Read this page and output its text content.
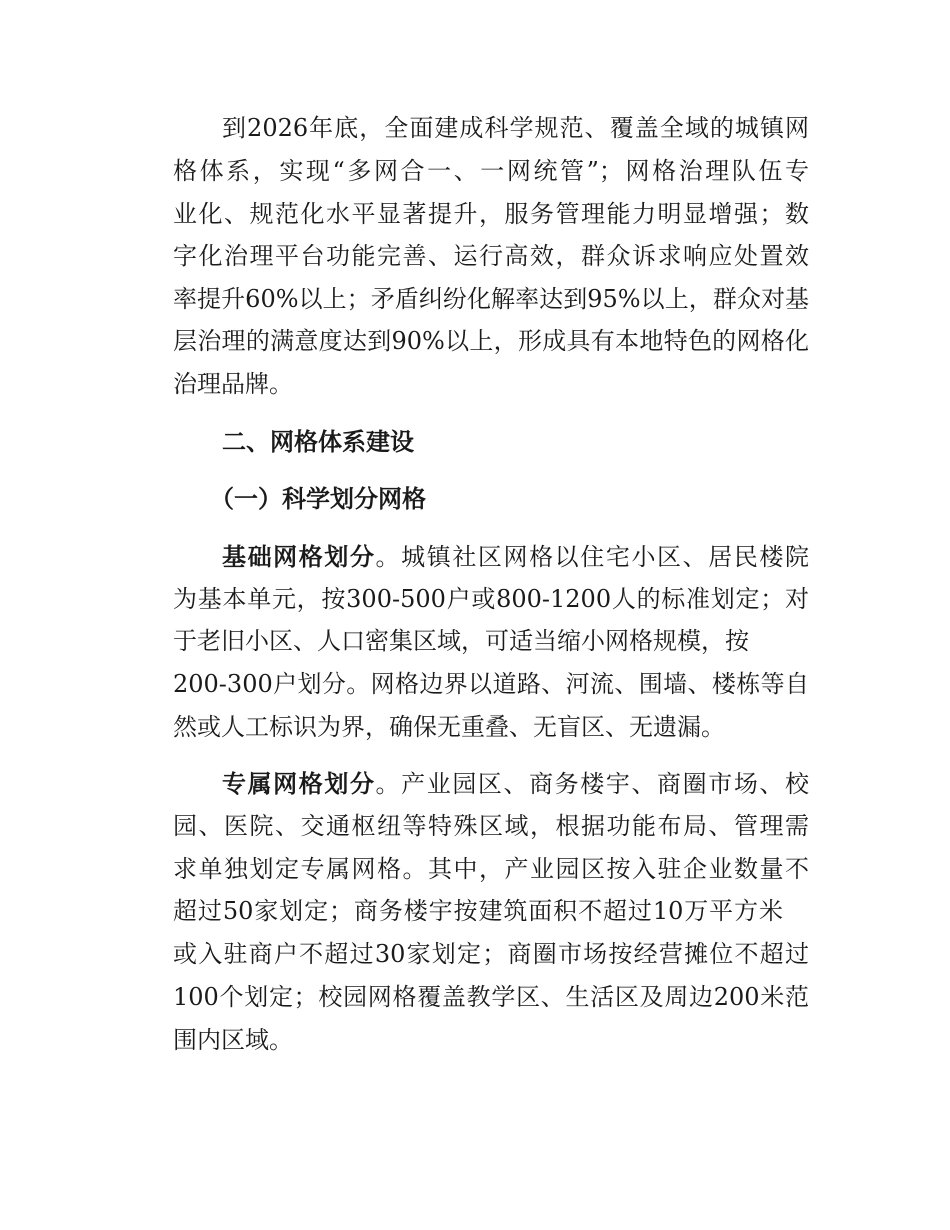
到2026年底，全面建成科学规范、覆盖全域的城镇网
格体系，实现“多网合一、一网统管”；网格治理队伍专
业化、规范化水平显著提升，服务管理能力明显增强；数
字化治理平台功能完善、运行高效，群众诉求响应处置效
率提升60%以上；矛盾纠纷化解率达到95%以上，群众对基
层治理的满意度达到90%以上，形成具有本地特色的网格化
治理品牌。
二、网格体系建设
（一）科学划分网格
基础网格划分。城镇社区网格以住宅小区、居民楼院
为基本单元，按300-500户或800-1200人的标准划定；对
于老旧小区、人口密集区域，可适当缩小网格规模，按
200-300户划分。网格边界以道路、河流、围墙、楼栋等自
然或人工标识为界，确保无重叠、无盲区、无遗漏。
专属网格划分。产业园区、商务楼宇、商圈市场、校
园、医院、交通枢纽等特殊区域，根据功能布局、管理需
求单独划定专属网格。其中，产业园区按入驻企业数量不
超过50家划定；商务楼宇按建筑面积不超过10万平方米
或入驻商户不超过30家划定；商圈市场按经营摊位不超过
100个划定；校园网格覆盖教学区、生活区及周边200米范
围内区域。
